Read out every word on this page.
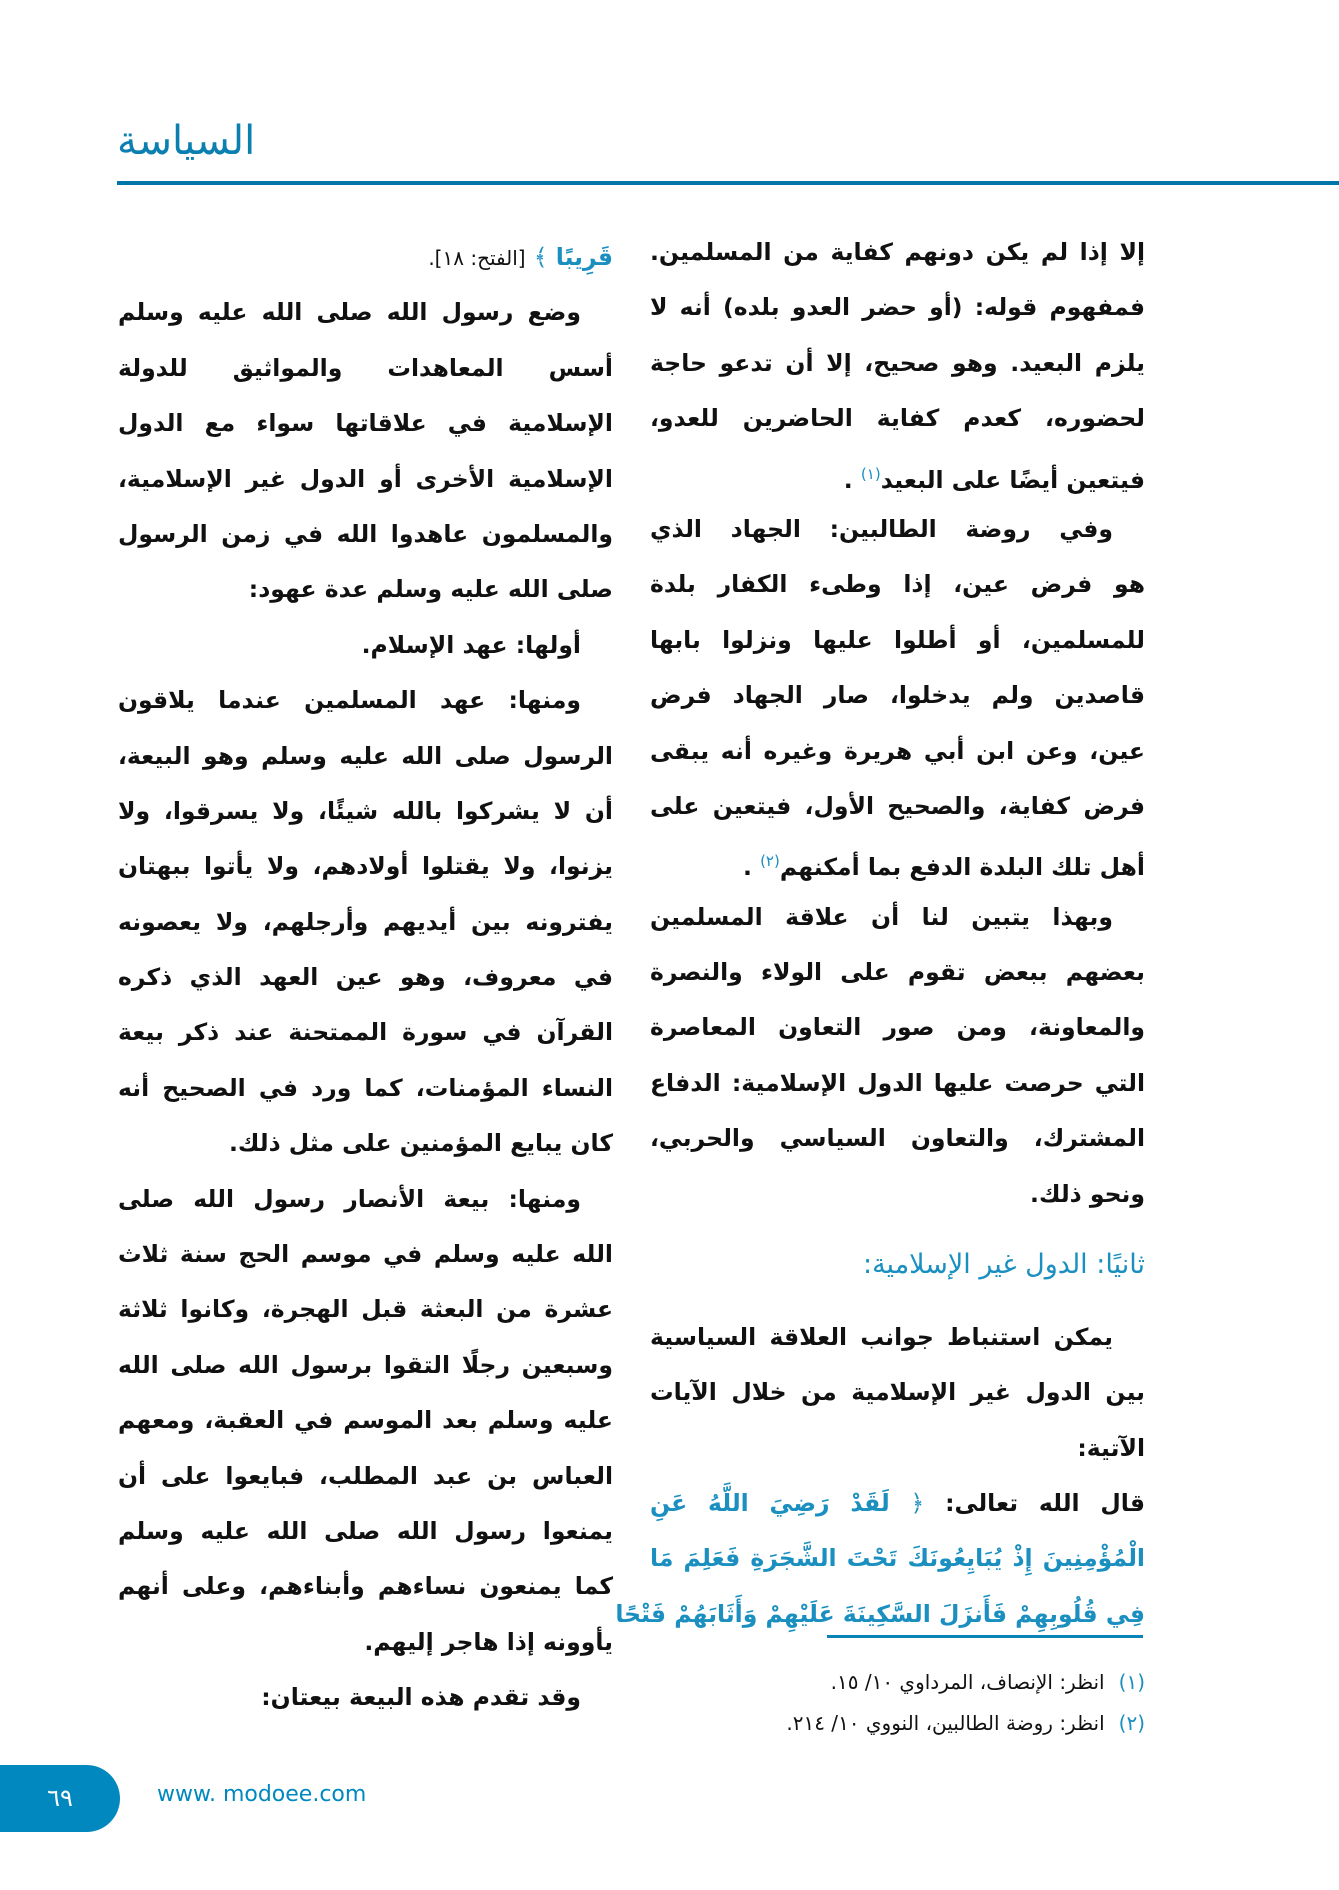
السياسة
إلا إذا لم يكن دونهم كفاية من المسلمين.
فمفهوم قوله: (أو حضر العدو بلده) أنه لا
يلزم البعيد. وهو صحيح، إلا أن تدعو حاجة
لحضوره، كعدم كفاية الحاضرين للعدو،
فيتعين أيضًا على البعيد$^{(١)}$ .
وفي روضة الطالبين: الجهاد الذي
هو فرض عين، إذا وطىء الكفار بلدة
للمسلمين، أو أطلوا عليها ونزلوا بابها
قاصدين ولم يدخلوا، صار الجهاد فرض
عين، وعن ابن أبي هريرة وغيره أنه يبقى
فرض كفاية، والصحيح الأول، فيتعين على
أهل تلك البلدة الدفع بما أمكنهم$^{(٢)}$ .
وبهذا يتبين لنا أن علاقة المسلمين
بعضهم ببعض تقوم على الولاء والنصرة
والمعاونة، ومن صور التعاون المعاصرة
التي حرصت عليها الدول الإسلامية: الدفاع
المشترك، والتعاون السياسي والحربي،
ونحو ذلك.
ثانيًا: الدول غير الإسلامية:
يمكن استنباط جوانب العلاقة السياسية
بين الدول غير الإسلامية من خلال الآيات
الآتية:
قال الله تعالى: ﴿ لَقَدْ رَضِيَ اللَّهُ عَنِ
الْمُؤْمِنِينَ إِذْ يُبَايِعُونَكَ تَحْتَ الشَّجَرَةِ فَعَلِمَ مَا
فِي قُلُوبِهِمْ فَأَنزَلَ السَّكِينَةَ عَلَيْهِمْ وَأَثَابَهُمْ فَتْحًا
(١)انظر: الإنصاف، المرداوي ١٠/ ١٥.
(٢)انظر: روضة الطالبين، النووي ١٠/ ٢١٤.
قَرِيبًا ﴾ [الفتح: ١٨].
وضع رسول الله صلى الله عليه وسلم
أسس المعاهدات والمواثيق للدولة
الإسلامية في علاقاتها سواء مع الدول
الإسلامية الأخرى أو الدول غير الإسلامية،
والمسلمون عاهدوا الله في زمن الرسول
صلى الله عليه وسلم عدة عهود:
أولها: عهد الإسلام.
ومنها: عهد المسلمين عندما يلاقون
الرسول صلى الله عليه وسلم وهو البيعة،
أن لا يشركوا بالله شيئًا، ولا يسرقوا، ولا
يزنوا، ولا يقتلوا أولادهم، ولا يأتوا ببهتان
يفترونه بين أيديهم وأرجلهم، ولا يعصونه
في معروف، وهو عين العهد الذي ذكره
القرآن في سورة الممتحنة عند ذكر بيعة
النساء المؤمنات، كما ورد في الصحيح أنه
كان يبايع المؤمنين على مثل ذلك.
ومنها: بيعة الأنصار رسول الله صلى
الله عليه وسلم في موسم الحج سنة ثلاث
عشرة من البعثة قبل الهجرة، وكانوا ثلاثة
وسبعين رجلًا التقوا برسول الله صلى الله
عليه وسلم بعد الموسم في العقبة، ومعهم
العباس بن عبد المطلب، فبايعوا على أن
يمنعوا رسول الله صلى الله عليه وسلم
كما يمنعون نساءهم وأبناءهم، وعلى أنهم
يأوونه إذا هاجر إليهم.
وقد تقدم هذه البيعة بيعتان:
٦٩	www. modoee.com
